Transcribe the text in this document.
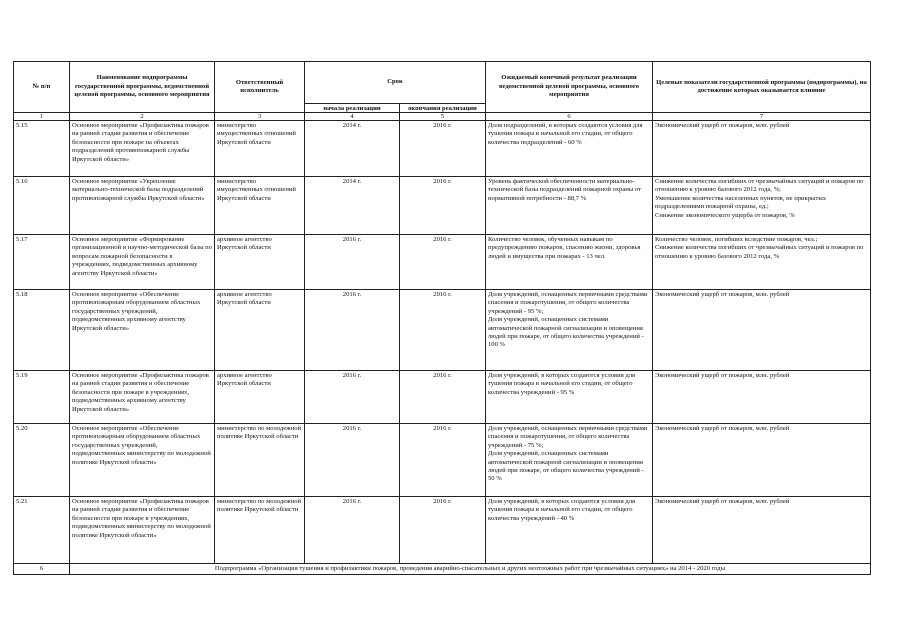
№ п/п	Наименование подпрограммы государственной программы, ведомственной целевой программы, основного мероприятия	Ответственный исполнитель	Срок		Ожидаемый конечный результат реализации ведомственной целевой программы, основного мероприятия	Целевые показатели государственной программы (подпрограммы), на достижение которых оказывается влияние
			начала реализации	окончания реализации		
1	2	3	4	5	6	7
5.15	Основное мероприятие «Профилактика пожаров на ранней стадии развития и обеспечение безопасности при пожаре на объектах подразделений противопожарной службы Иркутской области»	министерство имущественных отношений Иркутской области	2014 г.	2016 г.	Доля подразделений, в которых создаются условия для тушения пожара в начальной его стадии, от общего количества подразделений - 60 %	Экономический ущерб от пожаров, млн. рублей
5.16	Основное мероприятие «Укрепление материально-технической базы подразделений противопожарной службы Иркутской области»	министерство имущественных отношений Иркутской области	2014 г.	2016 г.	Уровень фактической обеспеченности материально-технической базы подразделений пожарной охраны от нормативной потребности - 88,7 %	Снижение количества погибших от чрезвычайных ситуаций и пожаров по отношению к уровню базового 2012 года, %;
Уменьшение количества населенных пунктов, не прикрытых подразделениями пожарной охраны, ед.;
Снижение экономического ущерба от пожаров, %
5.17	Основное мероприятие «Формирование организационной и научно-методической базы по вопросам пожарной безопасности в учреждениях, подведомственных архивному агентству Иркутской области»	архивное агентство Иркутской области	2016 г.	2016 г.	Количество человек, обученных навыкам по предупреждению пожаров, спасению жизни, здоровья людей и имущества при пожарах - 13 чел.	Количество человек, погибших вследствие пожаров, чел.;
Снижение количества погибших от чрезвычайных ситуаций и пожаров по отношению к уровню базового 2012 года, %
5.18	Основное мероприятие «Обеспечение противопожарным оборудованием областных государственных учреждений, подведомственных архивному агентству Иркутской области»	архивное агентство Иркутской области	2016 г.	2016 г.	Доля учреждений, оснащенных первичными средствами спасения и пожаротушения, от общего количества учреждений - 95 %;
Доля учреждений, оснащенных системами автоматической пожарной сигнализации и оповещения людей при пожаре, от общего количества учреждений - 100 %	Экономический ущерб от пожаров, млн. рублей
5.19	Основное мероприятие «Профилактика пожаров на ранней стадии развития и обеспечение безопасности при пожаре в учреждениях, подведомственных архивному агентству Иркутской области»	архивное агентство Иркутской области	2016 г.	2016 г.	Доля учреждений, в которых создаются условия для тушения пожара в начальной его стадии, от общего количества учреждений - 95 %	Экономический ущерб от пожаров, млн. рублей
5.20	Основное мероприятие «Обеспечение противопожарным оборудованием областных государственных учреждений, подведомственных министерству по молодежной политике Иркутской области»	министерство по молодежной политике Иркутской области	2016 г.	2016 г.	Доля учреждений, оснащенных первичными средствами спасения и пожаротушения, от общего количества учреждений - 75 %;
Доля учреждений, оснащенных системами автоматической пожарной сигнализации и оповещения людей при пожаре, от общего количества учреждений - 50 %	Экономический ущерб от пожаров, млн. рублей
5.21	Основное мероприятие «Профилактика пожаров на ранней стадии развития и обеспечение безопасности при пожаре в учреждениях, подведомственных министерству по молодежной политике Иркутской области»	министерство по молодежной политике Иркутской области	2016 г.	2016 г.	Доля учреждений, в которых создаются условия для тушения пожара в начальной его стадии, от общего количества учреждений - 40 %	Экономический ущерб от пожаров, млн. рублей
6	Подпрограмма «Организация тушения и профилактики пожаров, проведения аварийно-спасательных и других неотложных работ при чрезвычайных ситуациях» на 2014 - 2020 годы					
